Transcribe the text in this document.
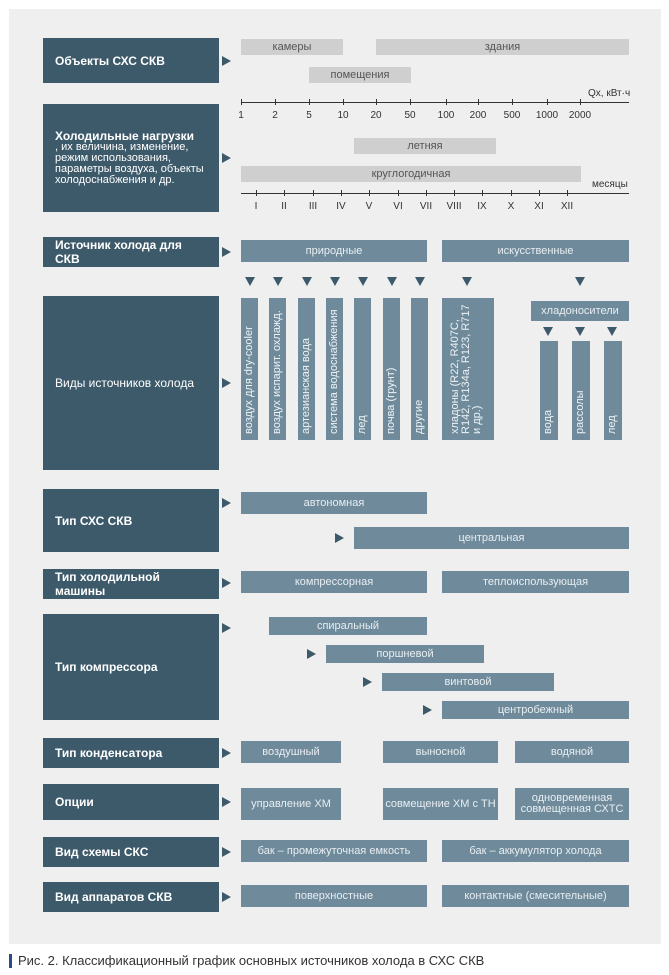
Объекты СХС СКВ
камеры	здания
помещения
Холодильные нагрузки
, их величина, изменение, режим использования, параметры воздуха, объекты холодоснабжения и др.
Qx, кВт·ч
1	2	5	10 20 50 100 200 500 1000 2000
летняя
круглогодичная
месяцы
I II III IV V VI VII VIII IX X XI XII
Источник холода для СКВ
природные	искусственные
Виды источников холода	воздух для dry-cooler воздух испарит. охлажд. артезианская вода система водоснабжения лед почва (грунт) другие хладоны (R22, R407C, R142, R134a, R123, R717 и др.)
хладоносители
вода рассолы лед
Тип СХС СКВ
автономная
центральная
Тип холодильной машины
компрессорная	теплоиспользующая
Тип компрессора
спиральный
поршневой
винтовой
центробежный
Тип конденсатора	воздушный	выносной	водяной
Опции	управление ХМ	совмещение ХМ с ТН	одновременная совмещенная СХТС
Вид схемы СКС	бак – промежуточная емкость	бак – аккумулятор холода
Вид аппаратов СКВ	поверхностные	контактные (смесительные)
Рис. 2. Классификационный график основных источников холода в СХС СКВ
